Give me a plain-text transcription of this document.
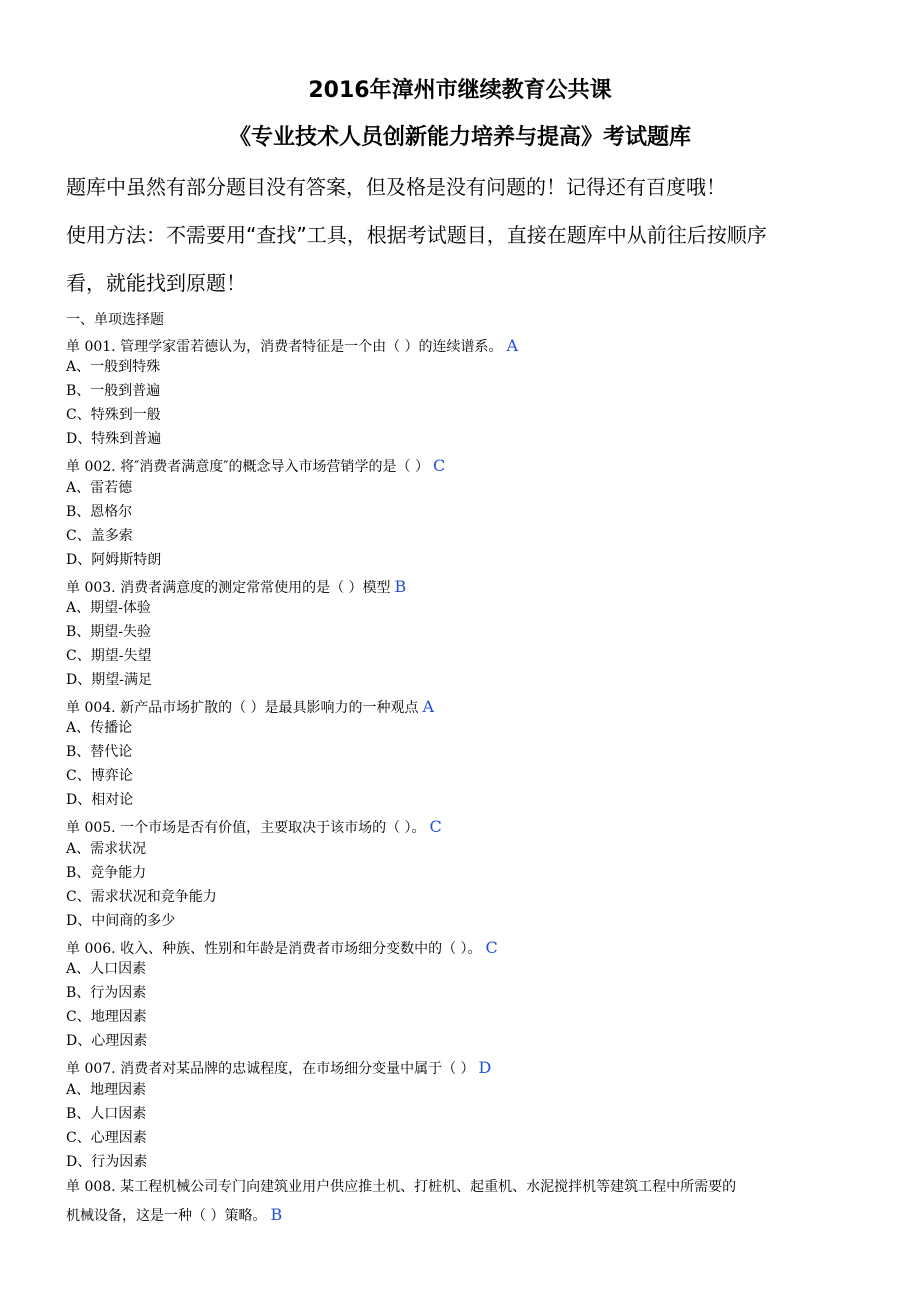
2016年漳州市继续教育公共课
《专业技术人员创新能力培养与提高》考试题库
题库中虽然有部分题目没有答案，但及格是没有问题的！记得还有百度哦！
使用方法：不需要用“查找”工具，根据考试题目，直接在题库中从前往后按顺序
看，就能找到原题！
一、单项选择题
单 001. 管理学家雷若德认为，消费者特征是一个由（ ）的连续谱系。 A
A、一般到特殊
B、一般到普遍
C、特殊到一般
D、特殊到普遍
单 002. 将″消费者满意度″的概念导入市场营销学的是（ ） C
A、雷若德
B、恩格尔
C、盖多索
D、阿姆斯特朗
单 003. 消费者满意度的测定常常使用的是（ ）模型 B
A、期望-体验
B、期望-失验
C、期望-失望
D、期望-满足
单 004. 新产品市场扩散的（ ）是最具影响力的一种观点 A
A、传播论
B、替代论
C、博弈论
D、相对论
单 005. 一个市场是否有价值，主要取决于该市场的（ ）。 C
A、需求状况
B、竞争能力
C、需求状况和竞争能力
D、中间商的多少
单 006. 收入、种族、性别和年龄是消费者市场细分变数中的（ ）。 C
A、人口因素
B、行为因素
C、地理因素
D、心理因素
单 007. 消费者对某品牌的忠诚程度，在市场细分变量中属于（ ） D
A、地理因素
B、人口因素
C、心理因素
D、行为因素
单 008. 某工程机械公司专门向建筑业用户供应推土机、打桩机、起重机、水泥搅拌机等建筑工程中所需要的
机械设备，这是一种（ ）策略。 B
